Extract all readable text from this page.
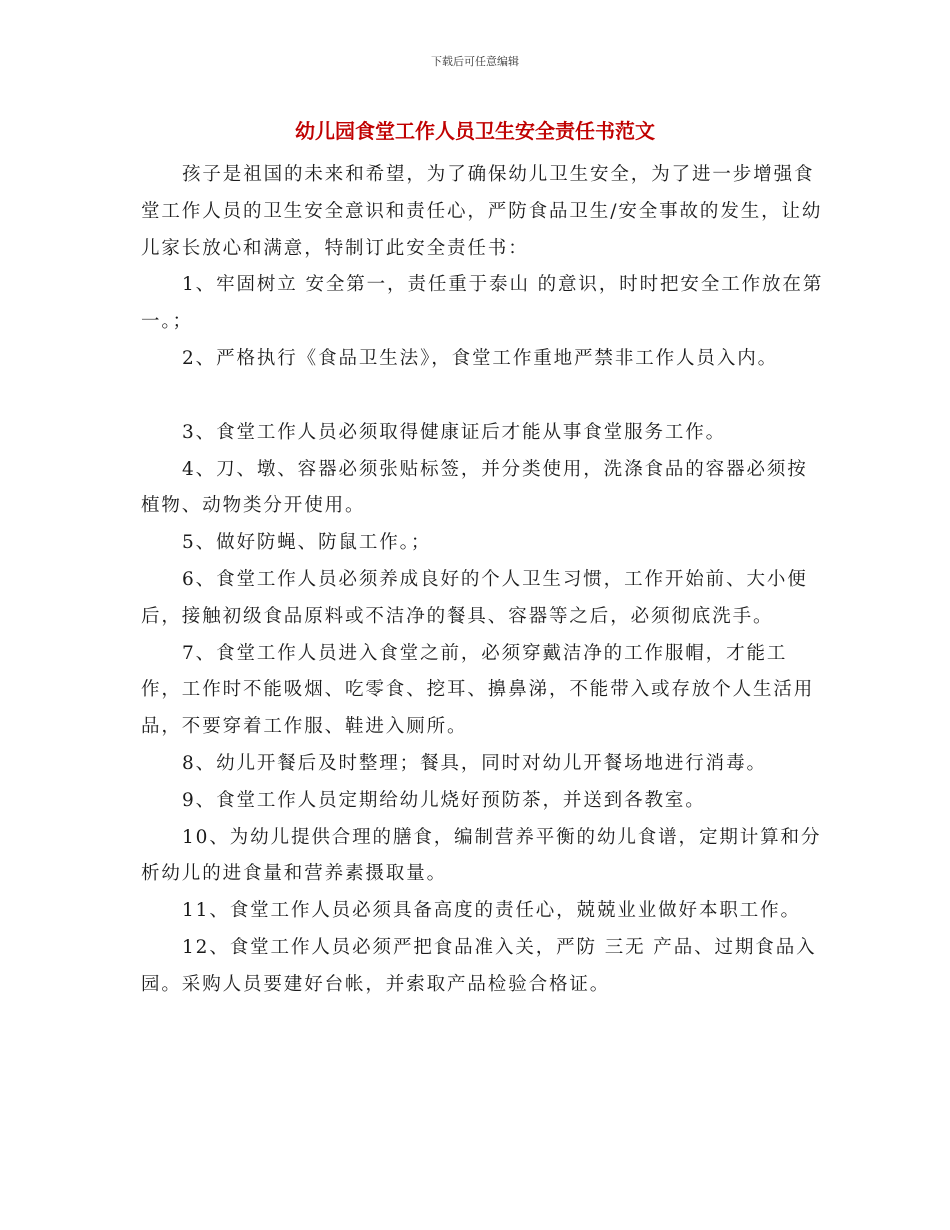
下载后可任意编辑
幼儿园食堂工作人员卫生安全责任书范文

孩子是祖国的未来和希望，为了确保幼儿卫生安全，为了进一步增强食堂工作人员的卫生安全意识和责任心，严防食品卫生/安全事故的发生，让幼儿家长放心和满意，特制订此安全责任书：

1、牢固树立 安全第一，责任重于泰山 的意识，时时把安全工作放在第一。；

2、严格执行《食品卫生法》，食堂工作重地严禁非工作人员入内。

3、食堂工作人员必须取得健康证后才能从事食堂服务工作。

4、刀、墩、容器必须张贴标签，并分类使用，洗涤食品的容器必须按植物、动物类分开使用。

5、做好防蝇、防鼠工作。；

6、食堂工作人员必须养成良好的个人卫生习惯，工作开始前、大小便后，接触初级食品原料或不洁净的餐具、容器等之后，必须彻底洗手。

7、食堂工作人员进入食堂之前，必须穿戴洁净的工作服帽，才能工作，工作时不能吸烟、吃零食、挖耳、擤鼻涕，不能带入或存放个人生活用品，不要穿着工作服、鞋进入厕所。

8、幼儿开餐后及时整理；餐具，同时对幼儿开餐场地进行消毒。

9、食堂工作人员定期给幼儿烧好预防茶，并送到各教室。

10、为幼儿提供合理的膳食，编制营养平衡的幼儿食谱，定期计算和分析幼儿的进食量和营养素摄取量。

11、食堂工作人员必须具备高度的责任心，兢兢业业做好本职工作。

12、食堂工作人员必须严把食品准入关，严防 三无 产品、过期食品入园。采购人员要建好台帐，并索取产品检验合格证。
